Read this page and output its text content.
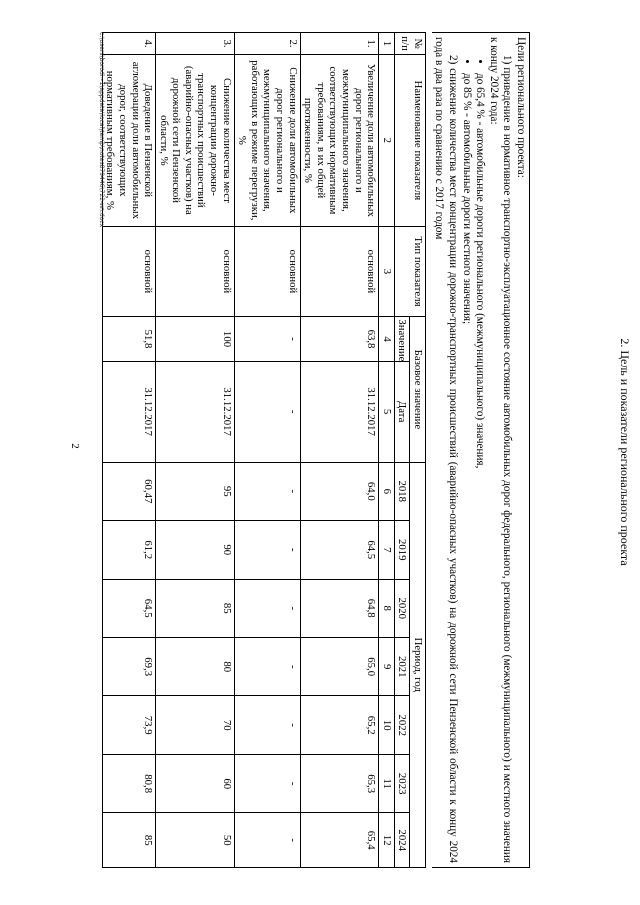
2	2. Цель и показатели регионального проекта

Цели регионального проекта:

1) приведение в нормативное транспортно-эксплуатационное состояние автомобильных дорог федерального, регионального (межмуниципального) и местного значения к концу 2024 года:

• до 65,4 % - автомобильные дороги регионального (межмуниципального) значения,
• до 85 % - автомобильные дороги местного значения;

2) снижение количества мест концентрации дорожно-транспортных происшествий (аварийно-опасных участков) на дорожной сети Пензенской области к концу 2024 года в два раза по сравнению с 2017 годом

№ п/п	Наименование показателя	Тип показателя	Базовое значение		Период, год						
			Значение	Дата	2018	2019	2020	2021	2022	2023	2024

1	2	3	4	5	6	7	8	9	10	11	12
1.	Увеличение доли автомобильных дорог регионального и межмуниципального значения, соответствующих нормативным требованиям, в их общей протяженности, %	основной	63,8	31.12.2017	64,0	64,5	64,8	65,0	65,2	65,3	65,4
2.	Снижение доли автомобильных дорог регионального и межмуниципального значения, работающих в режиме перегрузки, %	основной	-	-	-	-	-	-	-	-	-
3.	Снижение количества мест концентрации дорожно-транспортных происшествий (аварийно-опасных участков) на дорожной сети Пензенской области, %	основной	100	31.12.2017	95	90	85	80	70	60	50
4.	Доведение в Пензенской агломерации доли автомобильных дорог, соответствующих нормативным требованиям, %	основной	51,8	31.12.2017	60,47	61,2	64,5	69,3	73,9	80,8	85
c:\users\borodi~1\appdata\local\temp\notes879446\722-ип.docx
